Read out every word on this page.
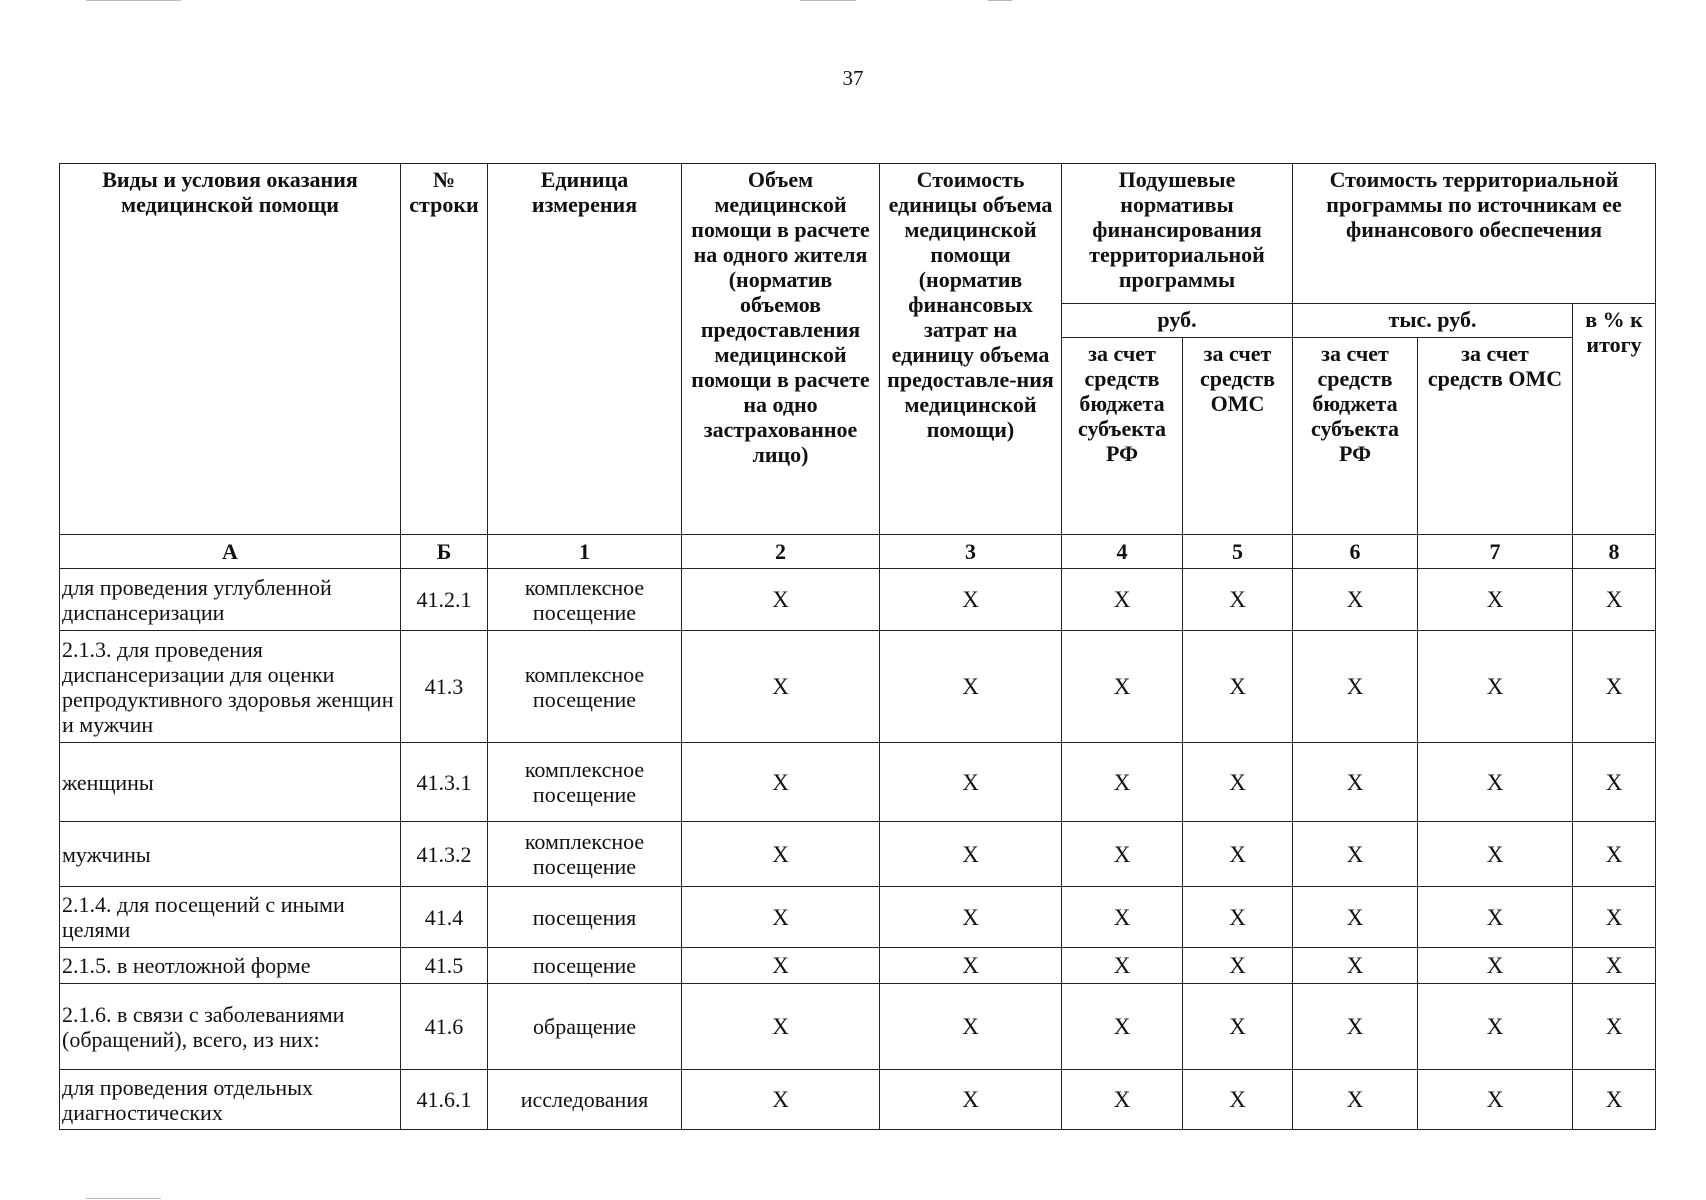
37
Виды и условия оказания медицинской помощи	№ строки	Единица измерения	Объем медицинской помощи в расчете на одного жителя (норматив объемов предоставления медицинской помощи в расчете на одно застрахованное лицо)	Стоимость единицы объема медицинской помощи (норматив финансовых затрат на единицу объема предоставле-ния медицинской помощи)	Подушевые нормативы финансирования территориальной программы		Стоимость территориальной программы по источникам ее финансового обеспечения		
					руб.		тыс. руб.		в % к итогу
					за счет средств бюджета субъекта РФ	за счет средств ОМС	за счет средств бюджета субъекта РФ	за счет средств ОМС	

А	Б	1	2	3	4	5	6	7	8
для проведения углубленной диспансеризации	41.2.1	комплексное посещение	Х	Х	Х	Х	Х	Х	Х
2.1.3. для проведения диспансеризации для оценки репродуктивного здоровья женщин и мужчин	41.3	комплексное посещение	Х	Х	Х	Х	Х	Х	Х
женщины	41.3.1	комплексное посещение	Х	Х	Х	Х	Х	Х	Х
мужчины	41.3.2	комплексное посещение	Х	Х	Х	Х	Х	Х	Х
2.1.4. для посещений с иными целями	41.4	посещения	Х	Х	Х	Х	Х	Х	Х
2.1.5. в неотложной форме	41.5	посещение	Х	Х	Х	Х	Х	Х	Х
2.1.6. в связи с заболеваниями (обращений), всего, из них:	41.6	обращение	Х	Х	Х	Х	Х	Х	Х
для проведения отдельных диагностических	41.6.1	исследования	Х	Х	Х	Х	Х	Х	Х
